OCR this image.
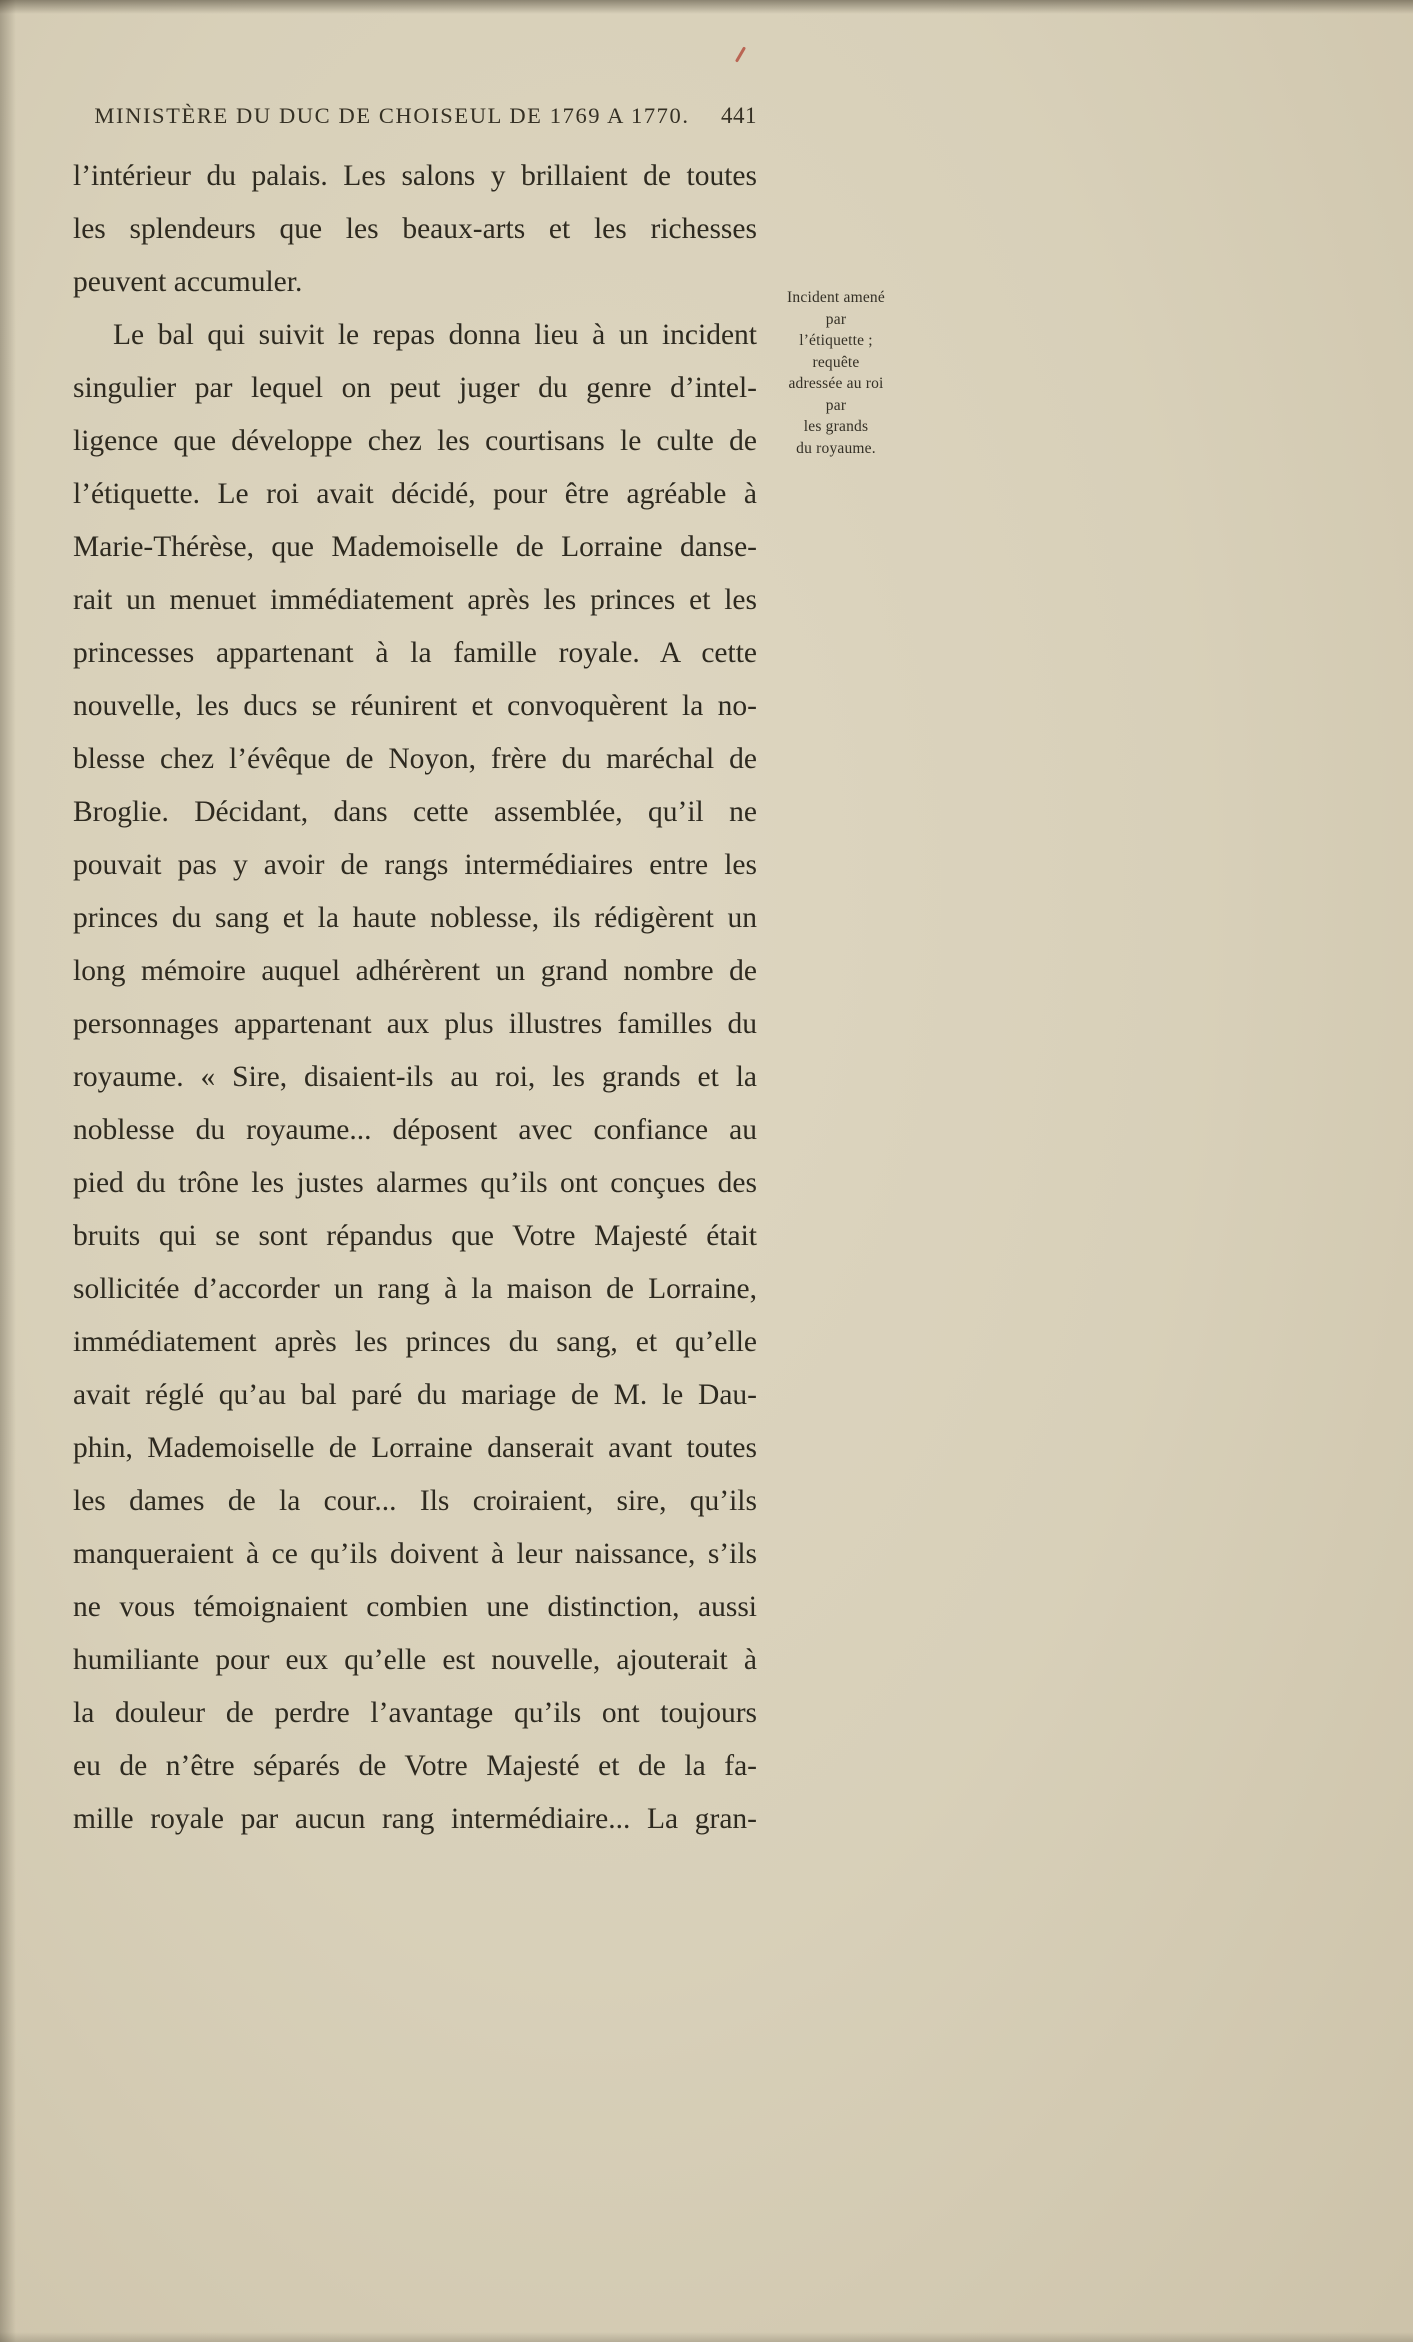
MINISTÈRE DU DUC DE CHOISEUL DE 1769 A 1770.	441
l’intérieur du palais. Les salons y brillaient de toutes
les splendeurs que les beaux-arts et les richesses
peuvent accumuler.
Le bal qui suivit le repas donna lieu à un incident
singulier par lequel on peut juger du genre d’intel-
ligence que développe chez les courtisans le culte de
l’étiquette. Le roi avait décidé, pour être agréable à
Marie-Thérèse, que Mademoiselle de Lorraine danse-
rait un menuet immédiatement après les princes et les
princesses appartenant à la famille royale. A cette
nouvelle, les ducs se réunirent et convoquèrent la no-
blesse chez l’évêque de Noyon, frère du maréchal de
Broglie. Décidant, dans cette assemblée, qu’il ne
pouvait pas y avoir de rangs intermédiaires entre les
princes du sang et la haute noblesse, ils rédigèrent un
long mémoire auquel adhérèrent un grand nombre de
personnages appartenant aux plus illustres familles du
royaume. « Sire, disaient-ils au roi, les grands et la
noblesse du royaume... déposent avec confiance au
pied du trône les justes alarmes qu’ils ont conçues des
bruits qui se sont répandus que Votre Majesté était
sollicitée d’accorder un rang à la maison de Lorraine,
immédiatement après les princes du sang, et qu’elle
avait réglé qu’au bal paré du mariage de M. le Dau-
phin, Mademoiselle de Lorraine danserait avant toutes
les dames de la cour... Ils croiraient, sire, qu’ils
manqueraient à ce qu’ils doivent à leur naissance, s’ils
ne vous témoignaient combien une distinction, aussi
humiliante pour eux qu’elle est nouvelle, ajouterait à
la douleur de perdre l’avantage qu’ils ont toujours
eu de n’être séparés de Votre Majesté et de la fa-
mille royale par aucun rang intermédiaire... La gran-
Incident amené
par
l’étiquette ;
requête
adressée au roi
par
les grands
du royaume.
